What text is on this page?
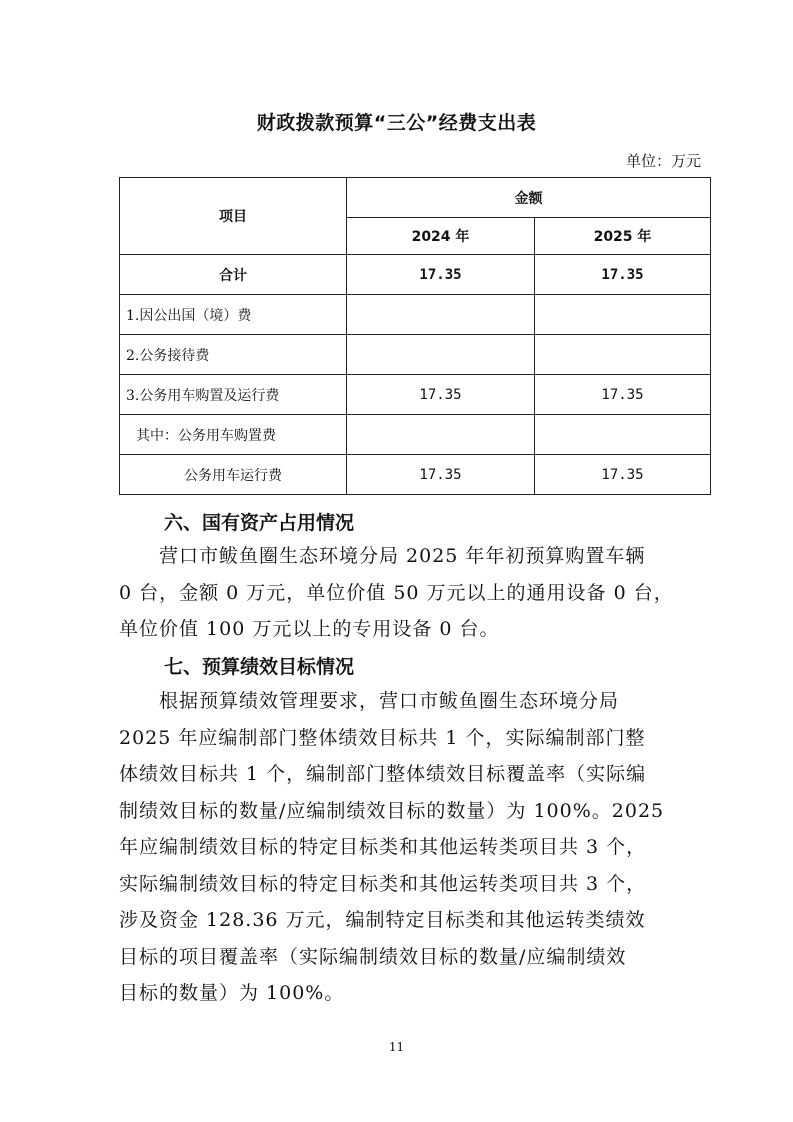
财政拨款预算“三公”经费支出表
单位：万元
项目	金额	
	2024 年	2025 年
合计	17.35	17.35
1.因公出国（境）费		
2.公务接待费		
3.公务用车购置及运行费	17.35	17.35
其中：公务用车购置费		
公务用车运行费	17.35	17.35
六、国有资产占用情况

营口市鲅鱼圈生态环境分局 2025 年年初预算购置车辆

0 台，金额 0 万元，单位价值 50 万元以上的通用设备 0 台，

单位价值 100 万元以上的专用设备 0 台。

七、预算绩效目标情况

根据预算绩效管理要求，营口市鲅鱼圈生态环境分局

2025 年应编制部门整体绩效目标共 1 个，实际编制部门整

体绩效目标共 1 个，编制部门整体绩效目标覆盖率（实际编

制绩效目标的数量/应编制绩效目标的数量）为 100%。2025

年应编制绩效目标的特定目标类和其他运转类项目共 3 个，

实际编制绩效目标的特定目标类和其他运转类项目共 3 个，

涉及资金 128.36 万元，编制特定目标类和其他运转类绩效

目标的项目覆盖率（实际编制绩效目标的数量/应编制绩效

目标的数量）为 100%。

11
